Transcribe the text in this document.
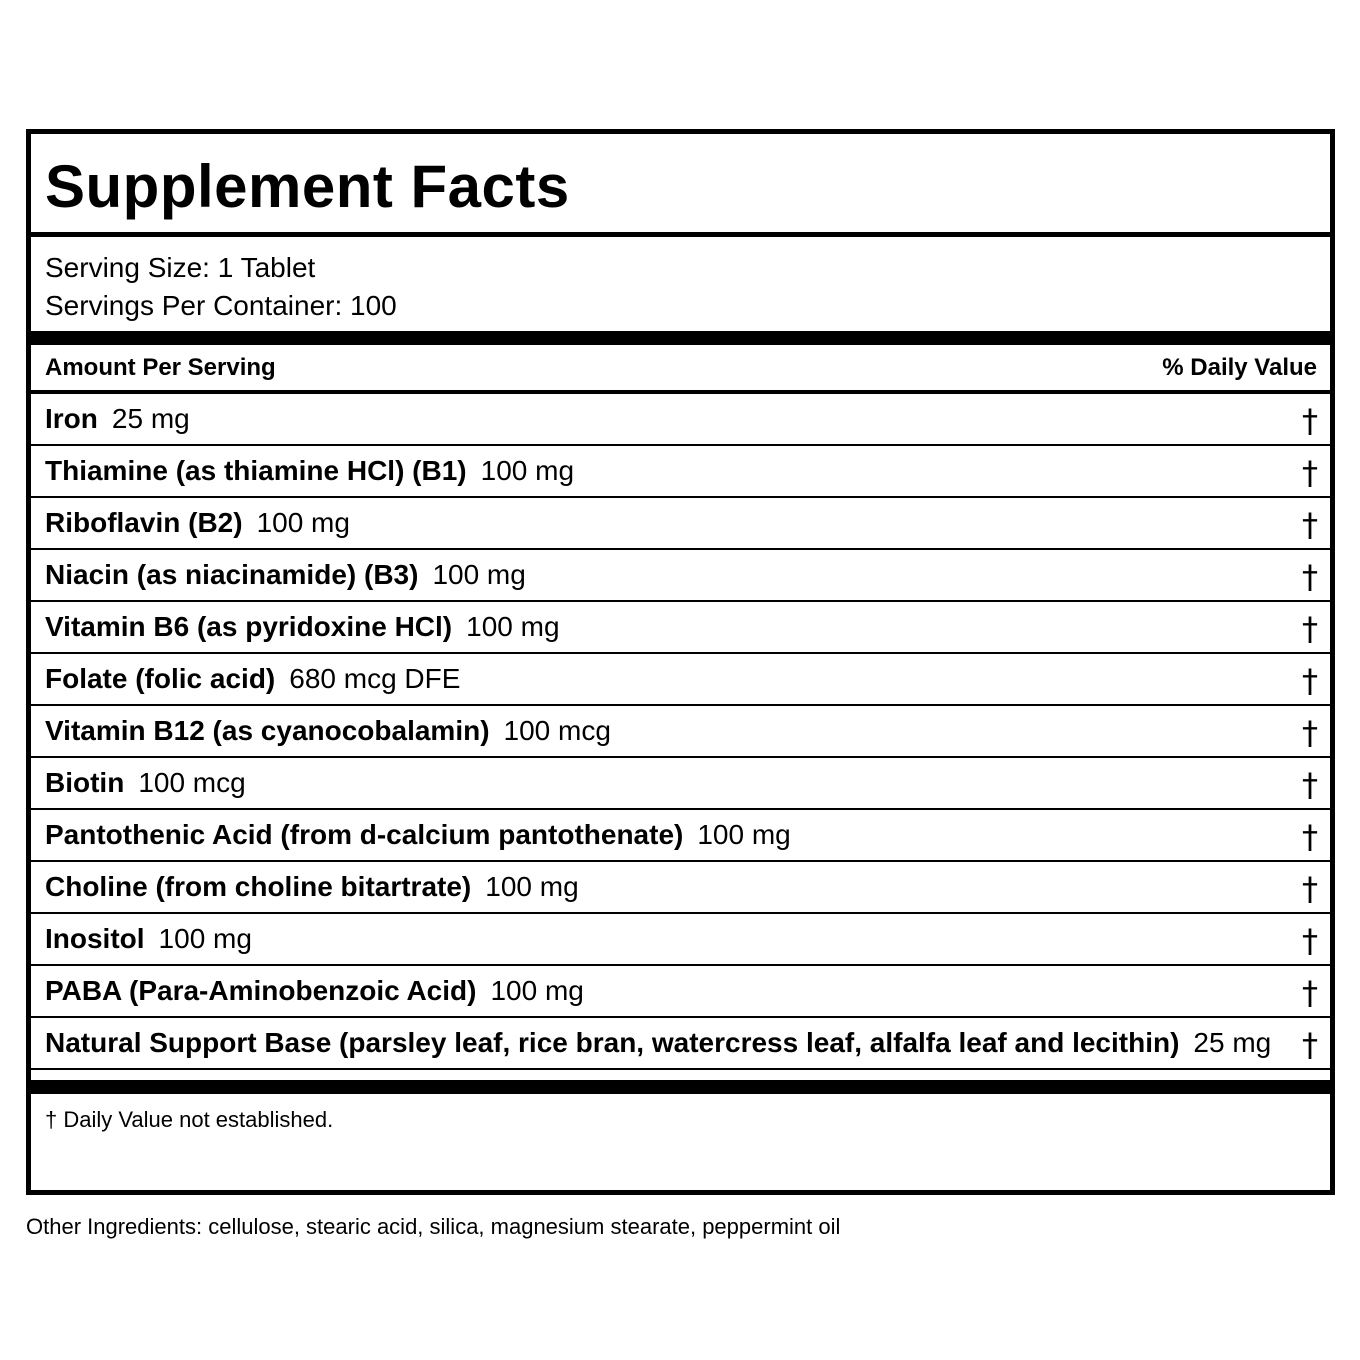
Supplement Facts
Serving Size: 1 Tablet
Servings Per Container: 100
Amount Per Serving	% Daily Value
Iron 25 mg	†
Thiamine (as thiamine HCl) (B1) 100 mg	†
Riboflavin (B2) 100 mg	†
Niacin (as niacinamide) (B3) 100 mg	†
Vitamin B6 (as pyridoxine HCl) 100 mg	†
Folate (folic acid) 680 mcg DFE	†
Vitamin B12 (as cyanocobalamin) 100 mcg	†
Biotin 100 mcg	†
Pantothenic Acid (from d-calcium pantothenate) 100 mg	†
Choline (from choline bitartrate) 100 mg	†
Inositol 100 mg	†
PABA (Para-Aminobenzoic Acid) 100 mg	†
Natural Support Base (parsley leaf, rice bran, watercress leaf, alfalfa leaf and lecithin) 25 mg †
† Daily Value not established.
Other Ingredients: cellulose, stearic acid, silica, magnesium stearate, peppermint oil
